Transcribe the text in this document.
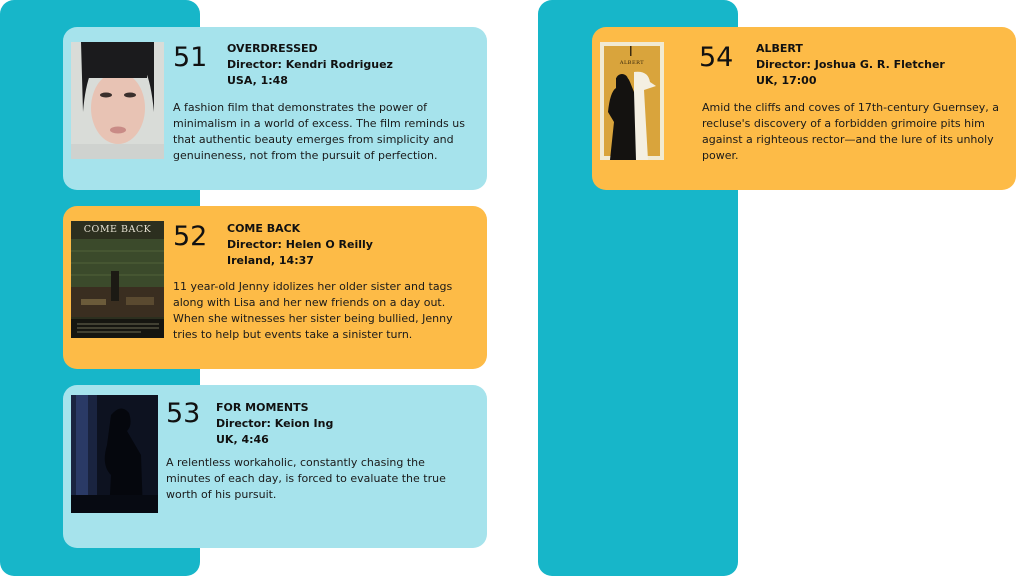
51 OVERDRESSED
Director: Kendri Rodriguez
USA, 1:48
A fashion film that demonstrates the power of minimalism in a world of excess. The film reminds us that authentic beauty emerges from simplicity and genuineness, not from the pursuit of perfection.
COME BACK 52 COME BACK
Director: Helen O Reilly
Ireland, 14:37
11 year-old Jenny idolizes her older sister and tags along with Lisa and her new friends on a day out. When she witnesses her sister being bullied, Jenny tries to help but events take a sinister turn.
53 FOR MOMENTS
Director: Keion Ing
UK, 4:46
A relentless workaholic, constantly chasing the minutes of each day, is forced to evaluate the true worth of his pursuit.
ALBERT	54 ALBERT
Director: Joshua G. R. Fletcher
UK, 17:00
Amid the cliffs and coves of 17th-century Guernsey, a recluse's discovery of a forbidden grimoire pits him against a righteous rector—and the lure of its unholy power.
